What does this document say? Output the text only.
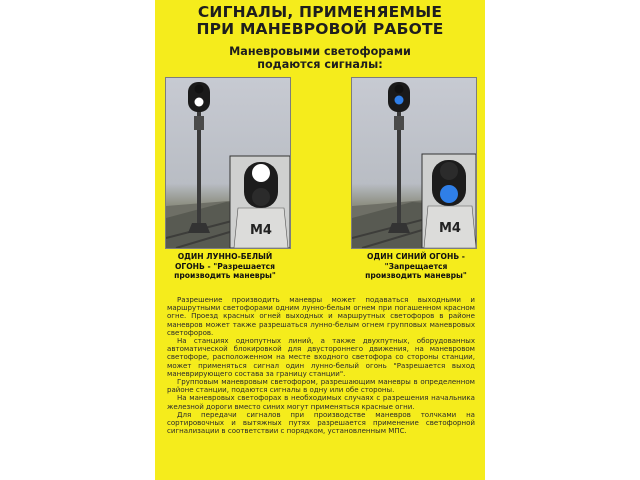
СИГНАЛЫ, ПРИМЕНЯЕМЫЕ
ПРИ МАНЕВРОВОЙ РАБОТЕ
Маневровыми светофорами
подаются сигналы:
М4	М4
ОДИН ЛУННО-БЕЛЫЙ
ОГОНЬ - "Разрешается
производить маневры"
ОДИН СИНИЙ ОГОНЬ -
"Запрещается
производить маневры"

Разрешение производить маневры может подаваться выходными и маршрутными светофорами одним лунно-белым огнем при погашенном красном огне. Проезд красных огней выходных и маршрутных светофоров в районе маневров может также разрешаться лунно-белым огнем групповых маневровых светофоров.

На станциях однопутных линий, а также двухпутных, оборудованных автоматической блокировкой для двустороннего движения, на маневровом светофоре, расположенном на месте входного светофора со стороны станции, может применяться сигнал один лунно-белый огонь "Разрешается выход маневрирующего состава за границу станции".

Групповым маневровым светофором, разрешающим маневры в определенном районе станции, подаются сигналы в одну или обе стороны.

На маневровых светофорах в необходимых случаях с разрешения начальника железной дороги вместо синих могут применяться красные огни.

Для передачи сигналов при производстве маневров толчками на сортировочных и вытяжных путях разрешается применение светофорной сигнализации в соответствии с порядком, установленным МПС.
